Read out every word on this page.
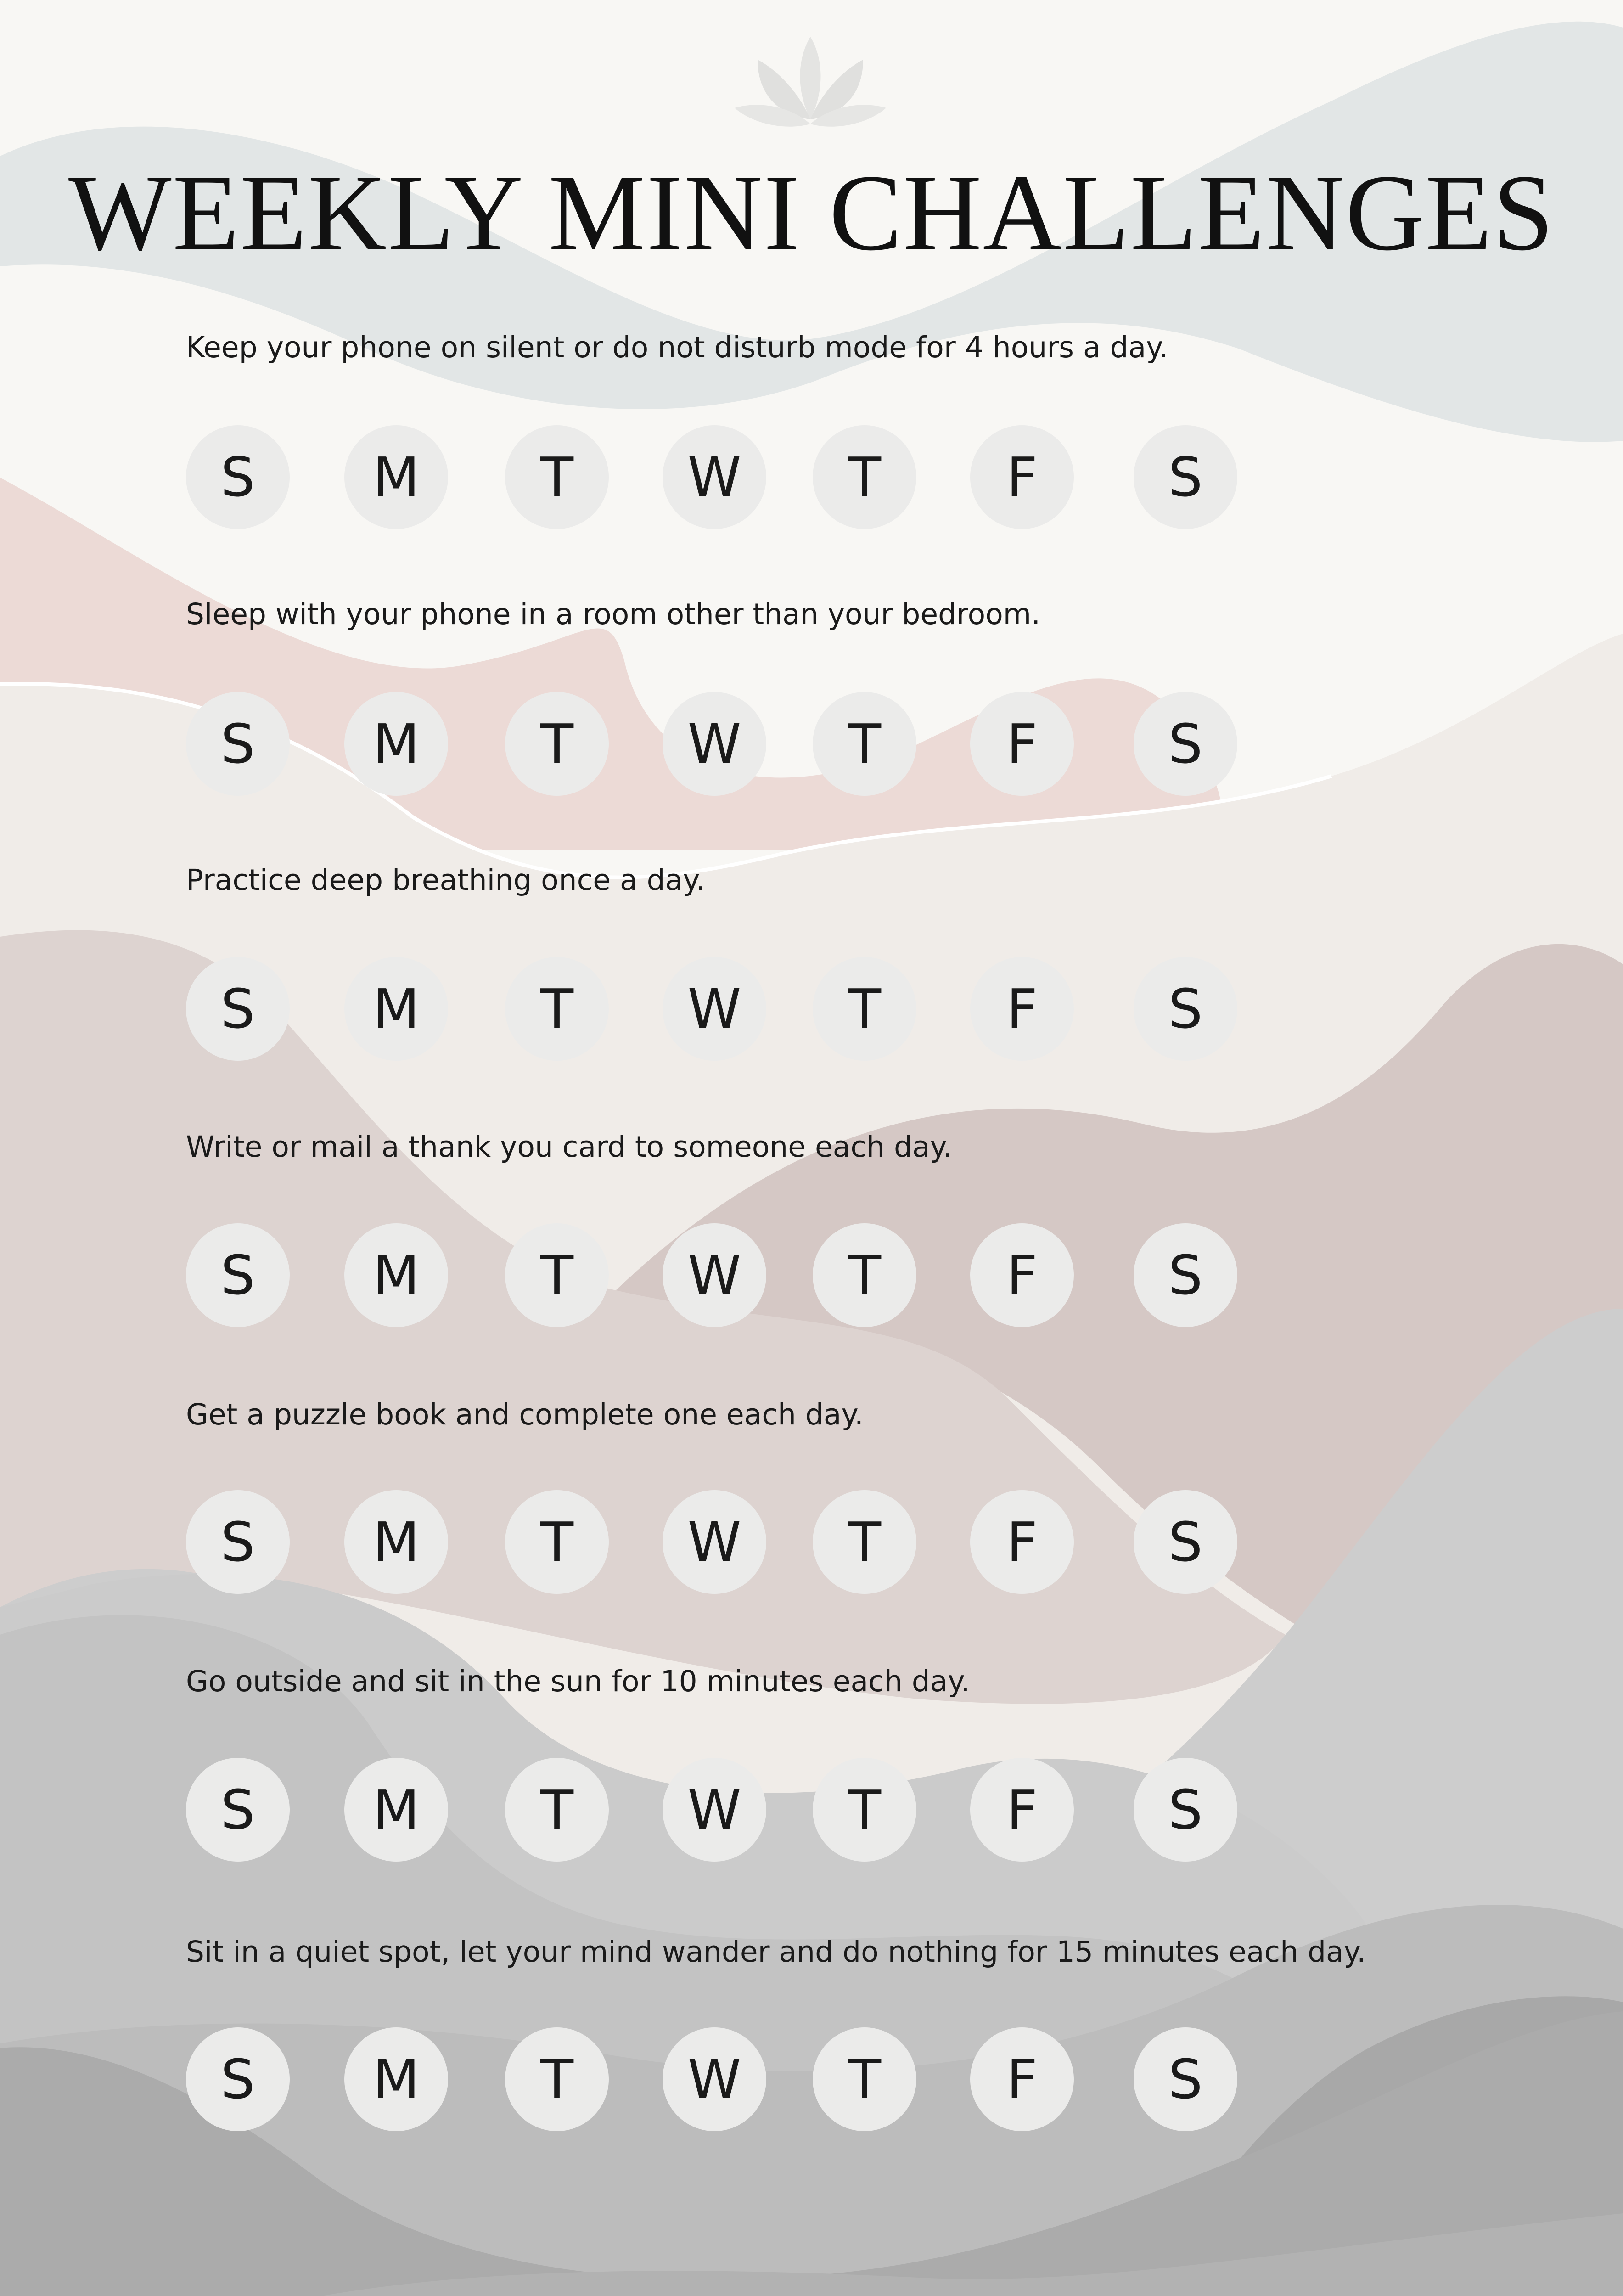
WEEKLY MINI CHALLENGES
Keep your phone on silent or do not disturb mode for 4 hours a day.
S	M	T	W	T	F	S
Sleep with your phone in a room other than your bedroom.
S	M	T	W	T	F	S
Practice deep breathing once a day.
S	M	T	W	T	F	S
Write or mail a thank you card to someone each day.
S	M	T	W	T	F	S
Get a puzzle book and complete one each day.
S	M	T	W	T	F	S
Go outside and sit in the sun for 10 minutes each day.
S	M	T	W	T	F	S
Sit in a quiet spot, let your mind wander and do nothing for 15 minutes each day.
S	M	T	W	T	F	S
